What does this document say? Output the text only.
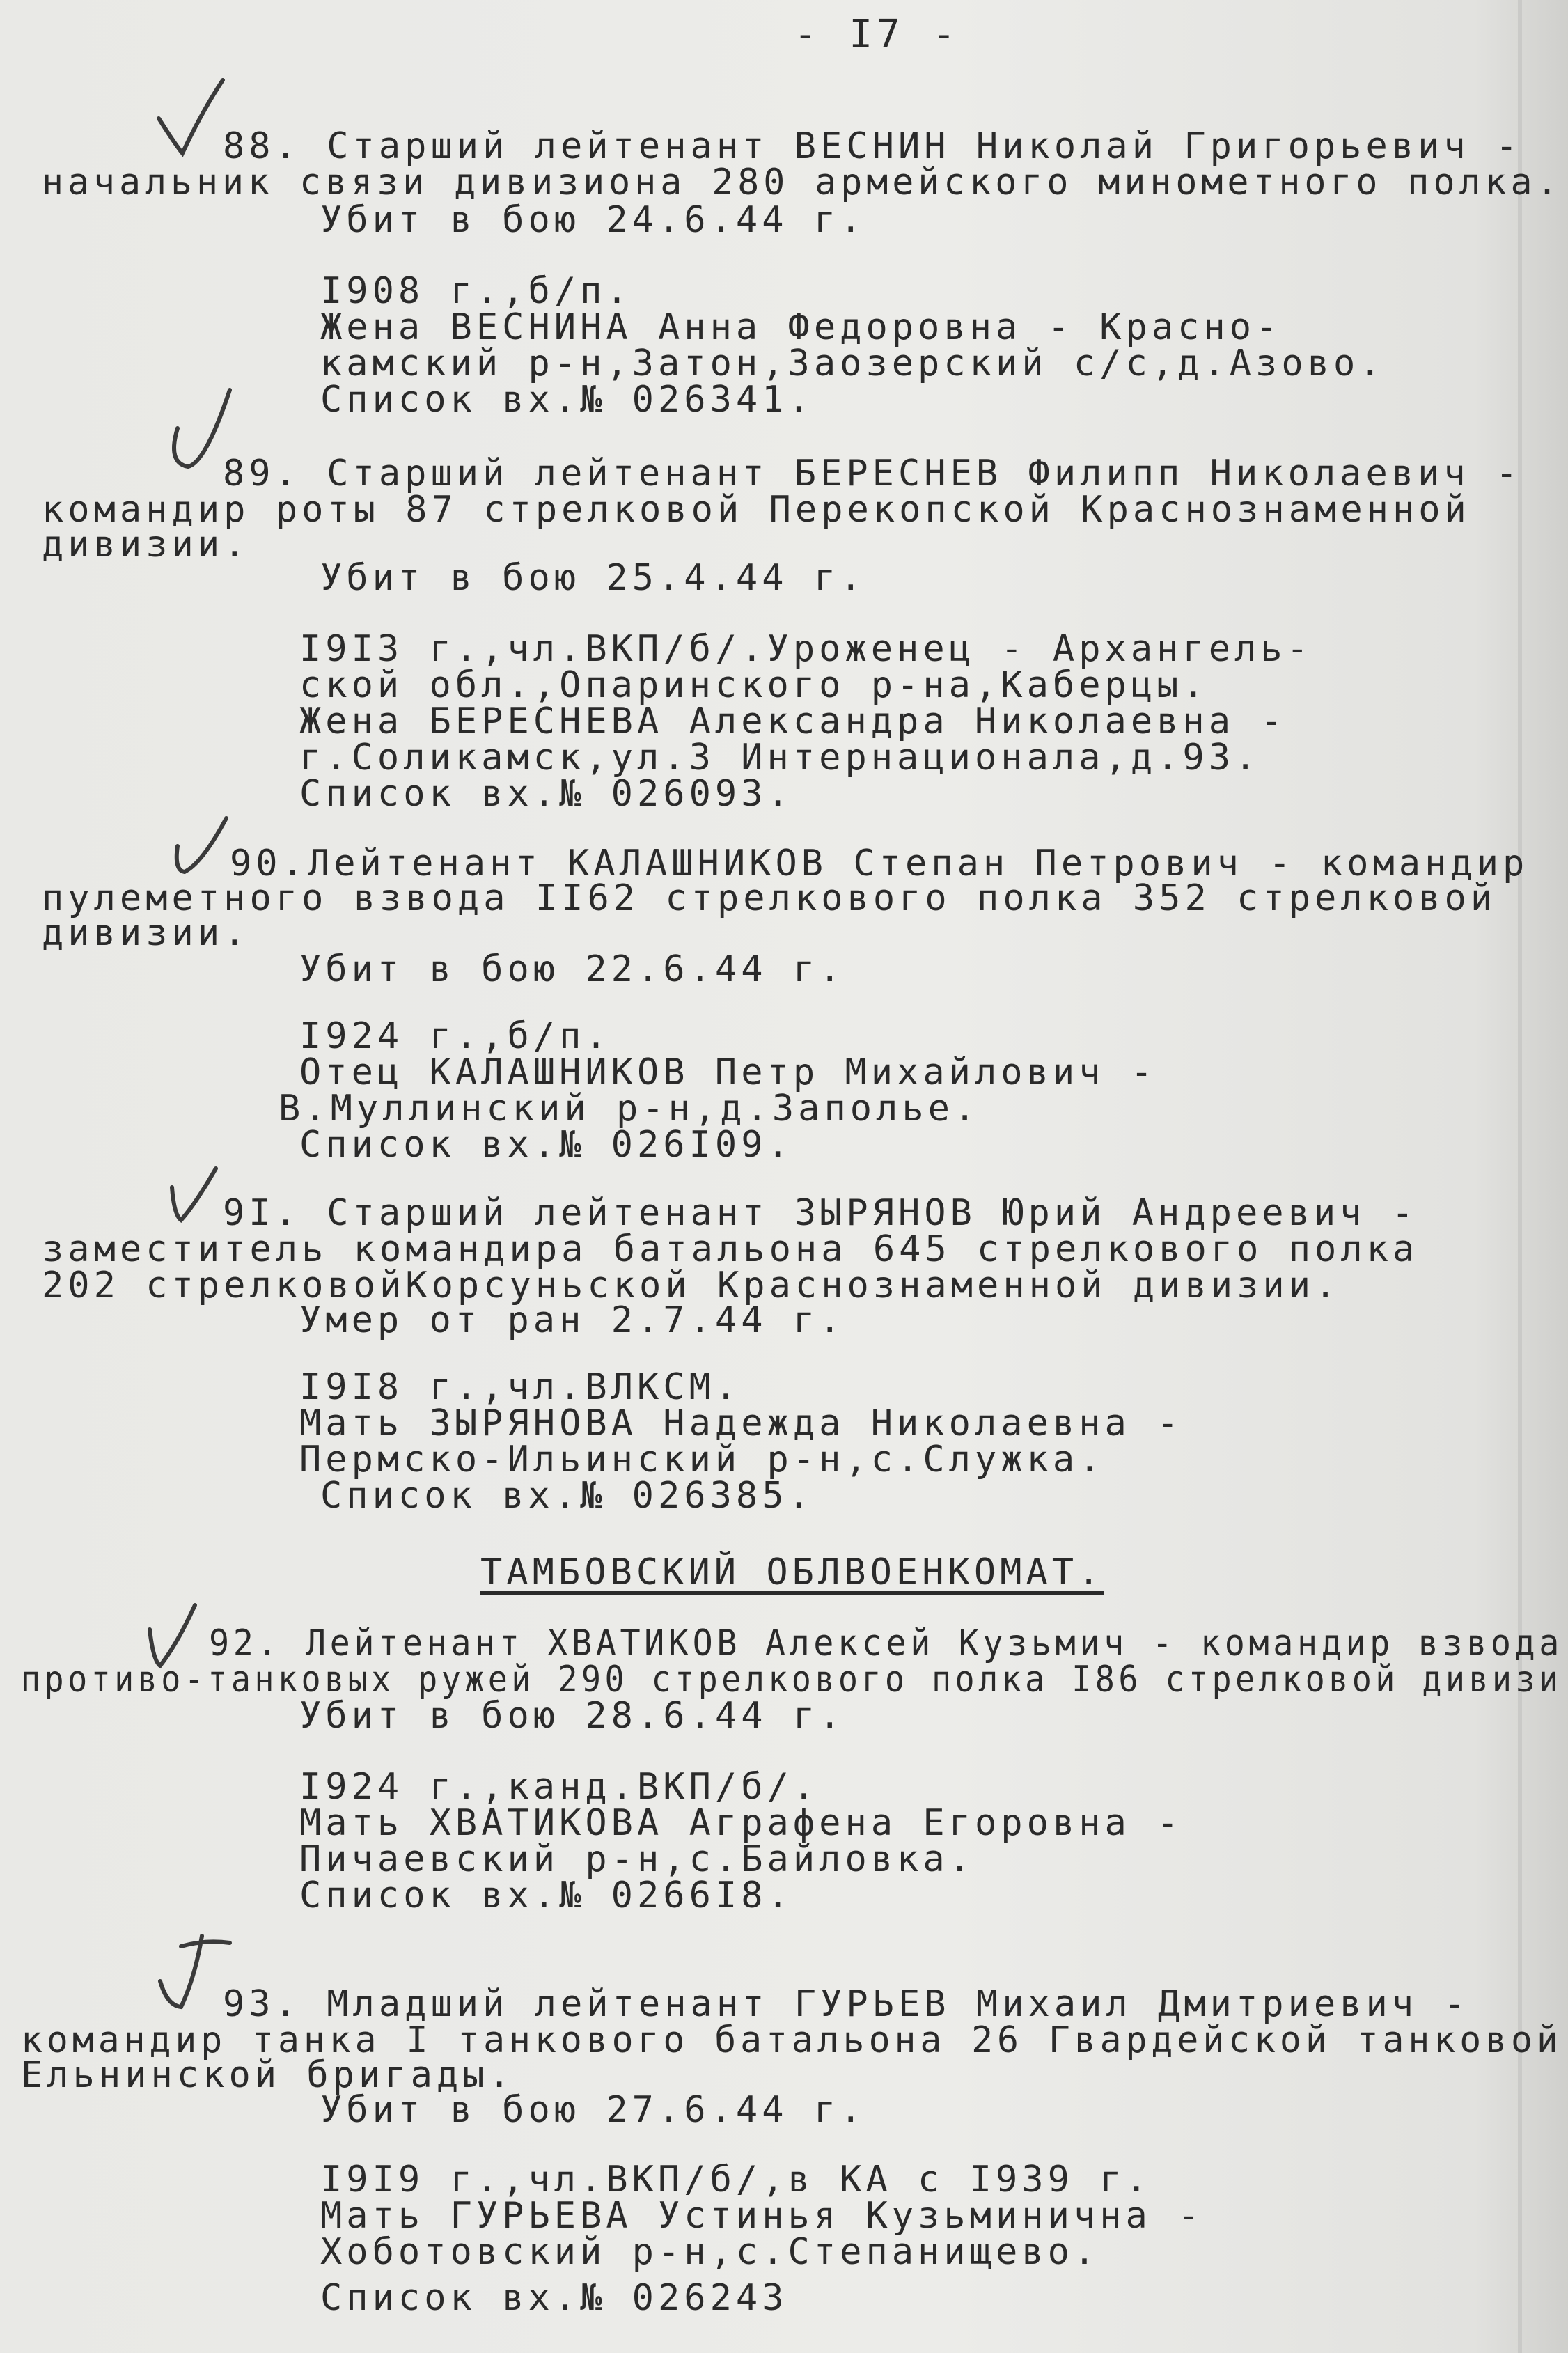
- I7 -
88. Старший лейтенант ВЕСНИН Николай Григорьевич -
начальник связи дивизиона 280 армейского минометного полка.
Убит в бою 24.6.44 г.
I908 г.,б/п.
Жена ВЕСНИНА Анна Федоровна - Красно-
камский р-н,Затон,Заозерский с/с,д.Азово.
Список вх.№ 026341.
89. Старший лейтенант БЕРЕСНЕВ Филипп Николаевич -
командир роты 87 стрелковой Перекопской Краснознаменной
дивизии.
Убит в бою 25.4.44 г.
I9I3 г.,чл.ВКП/б/.Уроженец - Архангель-
ской обл.,Опаринского р-на,Каберцы.
Жена БЕРЕСНЕВА Александра Николаевна -
г.Соликамск,ул.3 Интернационала,д.93.
Список вх.№ 026093.
90.Лейтенант КАЛАШНИКОВ Степан Петрович - командир
пулеметного взвода II62 стрелкового полка 352 стрелковой
дивизии.
Убит в бою 22.6.44 г.
I924 г.,б/п.
Отец КАЛАШНИКОВ Петр Михайлович -
В.Муллинский р-н,д.Заполье.
Список вх.№ 026I09.
9I. Старший лейтенант ЗЫРЯНОВ Юрий Андреевич -
заместитель командира батальона 645 стрелкового полка
202 стрелковойКорсуньской Краснознаменной дивизии.
Умер от ран 2.7.44 г.
I9I8 г.,чл.ВЛКСМ.
Мать ЗЫРЯНОВА Надежда Николаевна -
Пермско-Ильинский р-н,с.Служка.
Список вх.№ 026385.
ТАМБОВСКИЙ ОБЛВОЕНКОМАТ.
92. Лейтенант ХВАТИКОВ Алексей Кузьмич - командир взвода
противо-танковых ружей 290 стрелкового полка I86 стрелковой дивизи
Убит в бою 28.6.44 г.
I924 г.,канд.ВКП/б/.
Мать ХВАТИКОВА Аграфена Егоровна -
Пичаевский р-н,с.Байловка.
Список вх.№ 0266I8.
93. Младший лейтенант ГУРЬЕВ Михаил Дмитриевич -
командир танка I танкового батальона 26 Гвардейской танковой
Ельнинской бригады.
Убит в бою 27.6.44 г.
I9I9 г.,чл.ВКП/б/,в КА с I939 г.
Мать ГУРЬЕВА Устинья Кузьминична -
Хоботовский р-н,с.Степанищево.
Список вх.№ 026243
